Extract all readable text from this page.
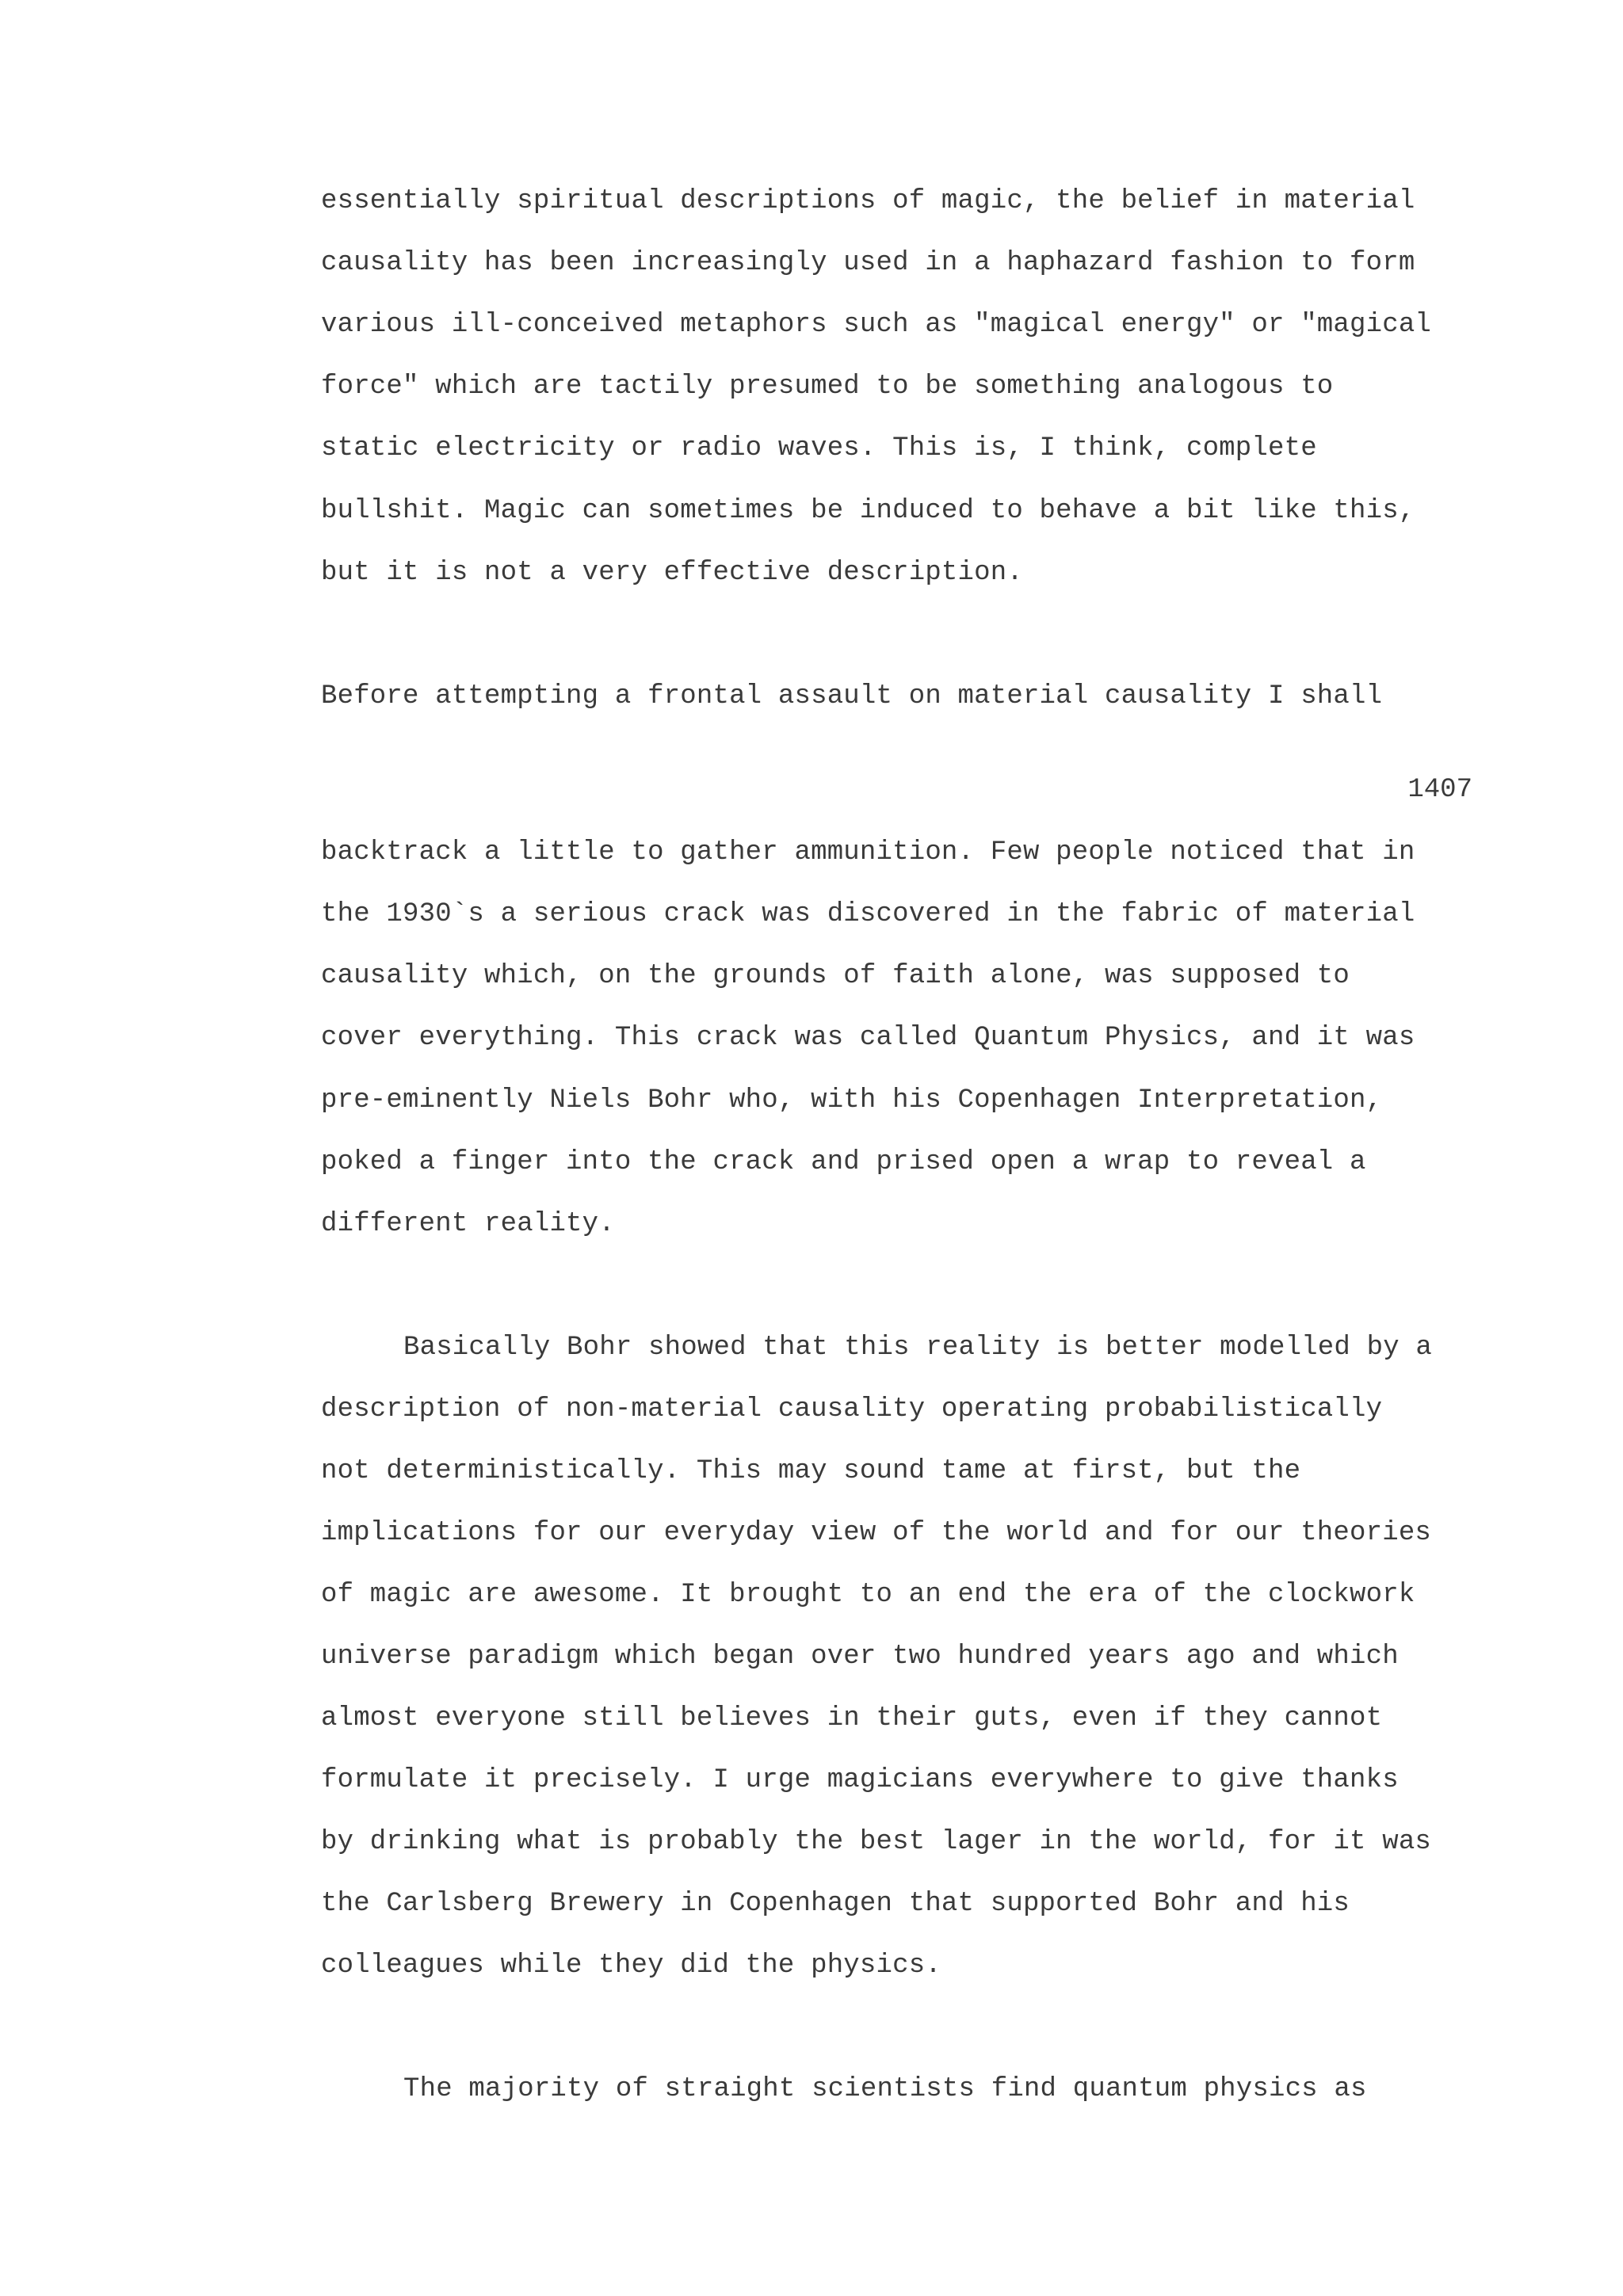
essentially spiritual descriptions of magic, the belief in material
causality has been increasingly used in a haphazard fashion to form
various ill-conceived metaphors such as "magical energy" or "magical
force" which are tactily presumed to be something analogous to
static electricity or radio waves. This is, I think, complete
bullshit. Magic can sometimes be induced to behave a bit like this,
but it is not a very effective description.
Before attempting a frontal assault on material causality I shall
1407
backtrack a little to gather ammunition. Few people noticed that in
the 1930`s a serious crack was discovered in the fabric of material
causality which, on the grounds of faith alone, was supposed to
cover everything. This crack was called Quantum Physics, and it was
pre-eminently Niels Bohr who, with his Copenhagen Interpretation,
poked a finger into the crack and prised open a wrap to reveal a
different reality.
Basically Bohr showed that this reality is better modelled by a
description of non-material causality operating probabilistically
not deterministically. This may sound tame at first, but the
implications for our everyday view of the world and for our theories
of magic are awesome. It brought to an end the era of the clockwork
universe paradigm which began over two hundred years ago and which
almost everyone still believes in their guts, even if they cannot
formulate it precisely. I urge magicians everywhere to give thanks
by drinking what is probably the best lager in the world, for it was
the Carlsberg Brewery in Copenhagen that supported Bohr and his
colleagues while they did the physics.
The majority of straight scientists find quantum physics as
